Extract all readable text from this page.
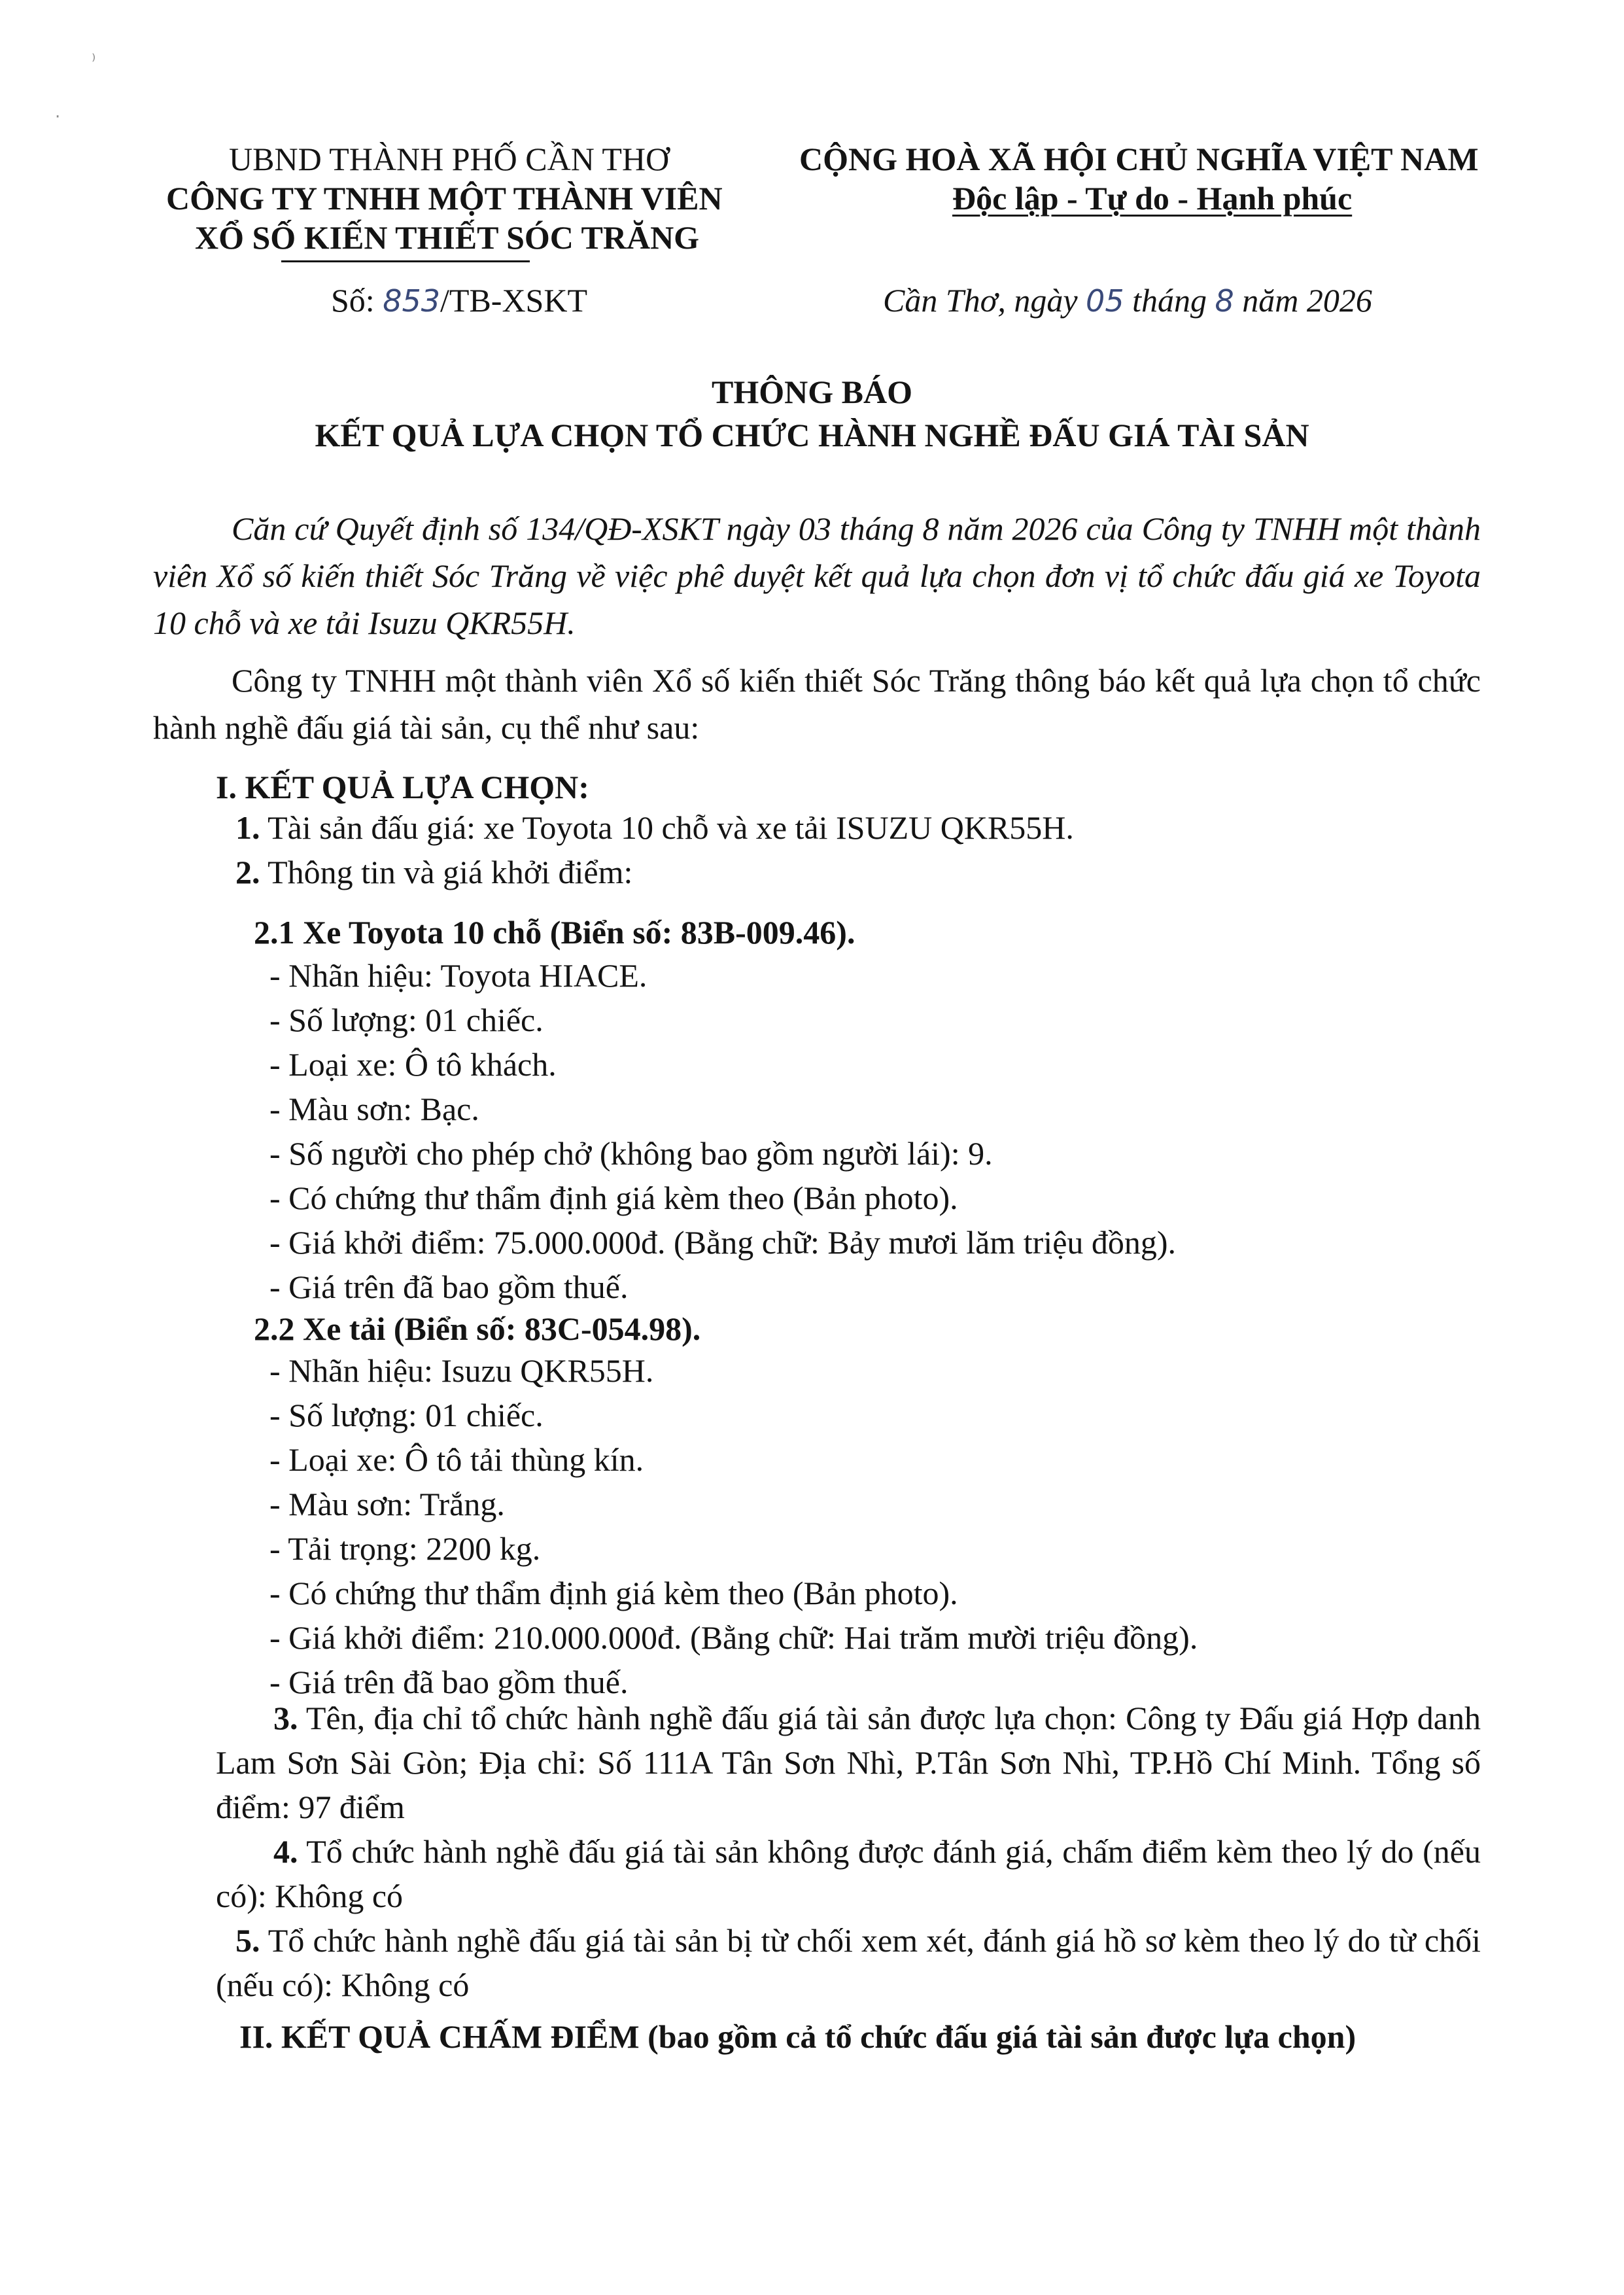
⁾
·
UBND THÀNH PHỐ CẦN THƠ
CÔNG TY TNHH MỘT THÀNH VIÊN
XỔ SỐ KIẾN THIẾT SÓC TRĂNG
CỘNG HOÀ XÃ HỘI CHỦ NGHĨA VIỆT NAM
Độc lập - Tự do - Hạnh phúc
Số: 853/TB-XSKT	Cần Thơ, ngày 05 tháng 8 năm 2026
THÔNG BÁO
KẾT QUẢ LỰA CHỌN TỔ CHỨC HÀNH NGHỀ ĐẤU GIÁ TÀI SẢN
Căn cứ Quyết định số 134/QĐ-XSKT ngày 03 tháng 8 năm 2026 của Công ty TNHH một thành viên Xổ số kiến thiết Sóc Trăng về việc phê duyệt kết quả lựa chọn đơn vị tổ chức đấu giá xe Toyota 10 chỗ và xe tải Isuzu QKR55H.
Công ty TNHH một thành viên Xổ số kiến thiết Sóc Trăng thông báo kết quả lựa chọn tổ chức hành nghề đấu giá tài sản, cụ thể như sau:
I. KẾT QUẢ LỰA CHỌN:
1. Tài sản đấu giá: xe Toyota 10 chỗ và xe tải ISUZU QKR55H.
2. Thông tin và giá khởi điểm:
2.1 Xe Toyota 10 chỗ (Biển số: 83B-009.46).
- Nhãn hiệu: Toyota HIACE.
- Số lượng: 01 chiếc.
- Loại xe: Ô tô khách.
- Màu sơn: Bạc.
- Số người cho phép chở (không bao gồm người lái): 9.
- Có chứng thư thẩm định giá kèm theo (Bản photo).
- Giá khởi điểm: 75.000.000đ. (Bằng chữ: Bảy mươi lăm triệu đồng).
- Giá trên đã bao gồm thuế.
2.2 Xe tải (Biển số: 83C-054.98).
- Nhãn hiệu: Isuzu QKR55H.
- Số lượng: 01 chiếc.
- Loại xe: Ô tô tải thùng kín.
- Màu sơn: Trắng.
- Tải trọng: 2200 kg.
- Có chứng thư thẩm định giá kèm theo (Bản photo).
- Giá khởi điểm: 210.000.000đ. (Bằng chữ: Hai trăm mười triệu đồng).
- Giá trên đã bao gồm thuế.
3. Tên, địa chỉ tổ chức hành nghề đấu giá tài sản được lựa chọn: Công ty Đấu giá Hợp danh Lam Sơn Sài Gòn; Địa chỉ: Số 111A Tân Sơn Nhì, P.Tân Sơn Nhì, TP.Hồ Chí Minh. Tổng số điểm: 97 điểm
4. Tổ chức hành nghề đấu giá tài sản không được đánh giá, chấm điểm kèm theo lý do (nếu có): Không có
5. Tổ chức hành nghề đấu giá tài sản bị từ chối xem xét, đánh giá hồ sơ kèm theo lý do từ chối (nếu có): Không có
II. KẾT QUẢ CHẤM ĐIỂM (bao gồm cả tổ chức đấu giá tài sản được lựa chọn)
